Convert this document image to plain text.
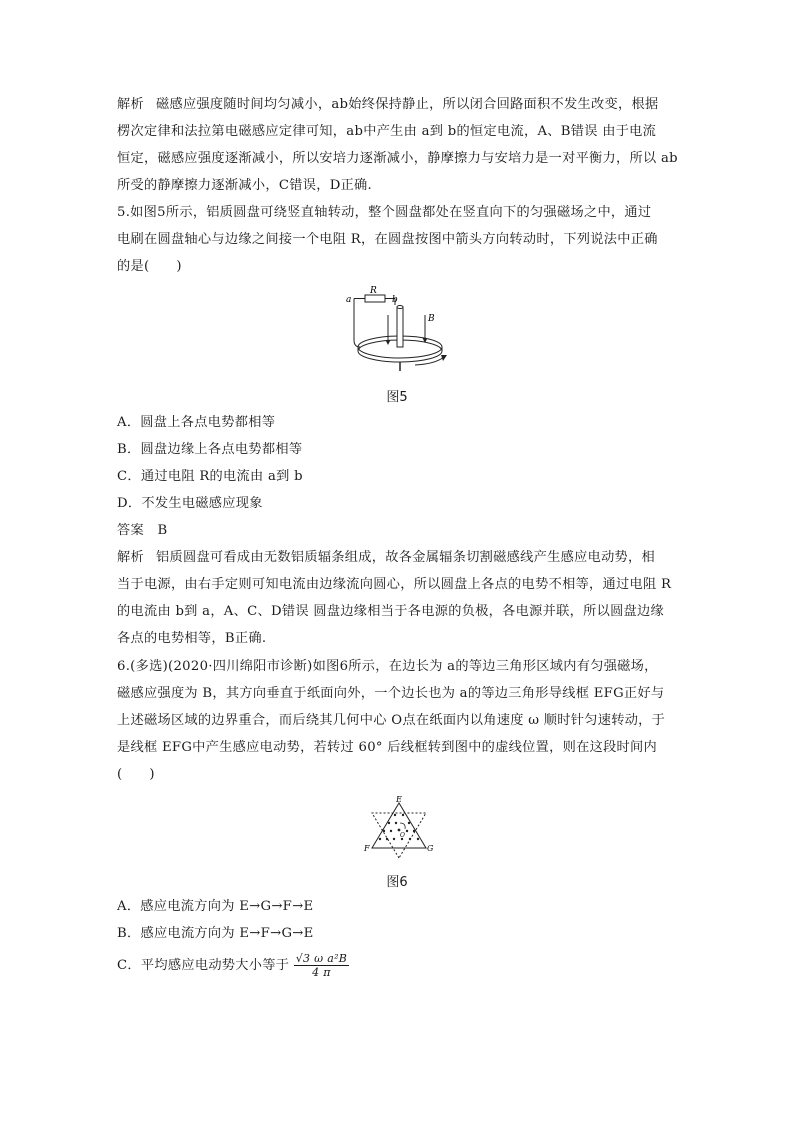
解析 磁感应强度随时间均匀减小，ab始终保持静止，所以闭合回路面积不发生改变，根据
楞次定律和法拉第电磁感应定律可知，ab中产生由 a到 b的恒定电流，A、B错误 由于电流
恒定，磁感应强度逐渐减小，所以安培力逐渐减小，静摩擦力与安培力是一对平衡力，所以 ab
所受的静摩擦力逐渐减小，C错误，D正确.
5.如图5所示，铝质圆盘可绕竖直轴转动，整个圆盘都处在竖直向下的匀强磁场之中，通过
电刷在圆盘轴心与边缘之间接一个电阻 R，在圆盘按图中箭头方向转动时，下列说法中正确
的是(　　)
a
R
b
B
图5
A．圆盘上各点电势都相等
B．圆盘边缘上各点电势都相等
C．通过电阻 R的电流由 a到 b
D．不发生电磁感应现象
答案　B
解析 铝质圆盘可看成由无数铝质辐条组成，故各金属辐条切割磁感线产生感应电动势，相
当于电源，由右手定则可知电流由边缘流向圆心，所以圆盘上各点的电势不相等，通过电阻 R
的电流由 b到 a，A、C、D错误 圆盘边缘相当于各电源的负极，各电源并联，所以圆盘边缘
各点的电势相等，B正确.
6.(多选)(2020·四川绵阳市诊断)如图6所示，在边长为 a的等边三角形区域内有匀强磁场，
磁感应强度为 B，其方向垂直于纸面向外，一个边长也为 a的等边三角形导线框 EFG正好与
上述磁场区域的边界重合，而后绕其几何中心 O点在纸面内以角速度 ω 顺时针匀速转动，于
是线框 EFG中产生感应电动势，若转过 60° 后线框转到图中的虚线位置，则在这段时间内
(　　)
E
F	G
O
图6
A．感应电流方向为 E→G→F→E
B．感应电流方向为 E→F→G→E
C．平均感应电动势大小等于 $\frac{\text{√3 ω a²B}}{4 \pi}$
